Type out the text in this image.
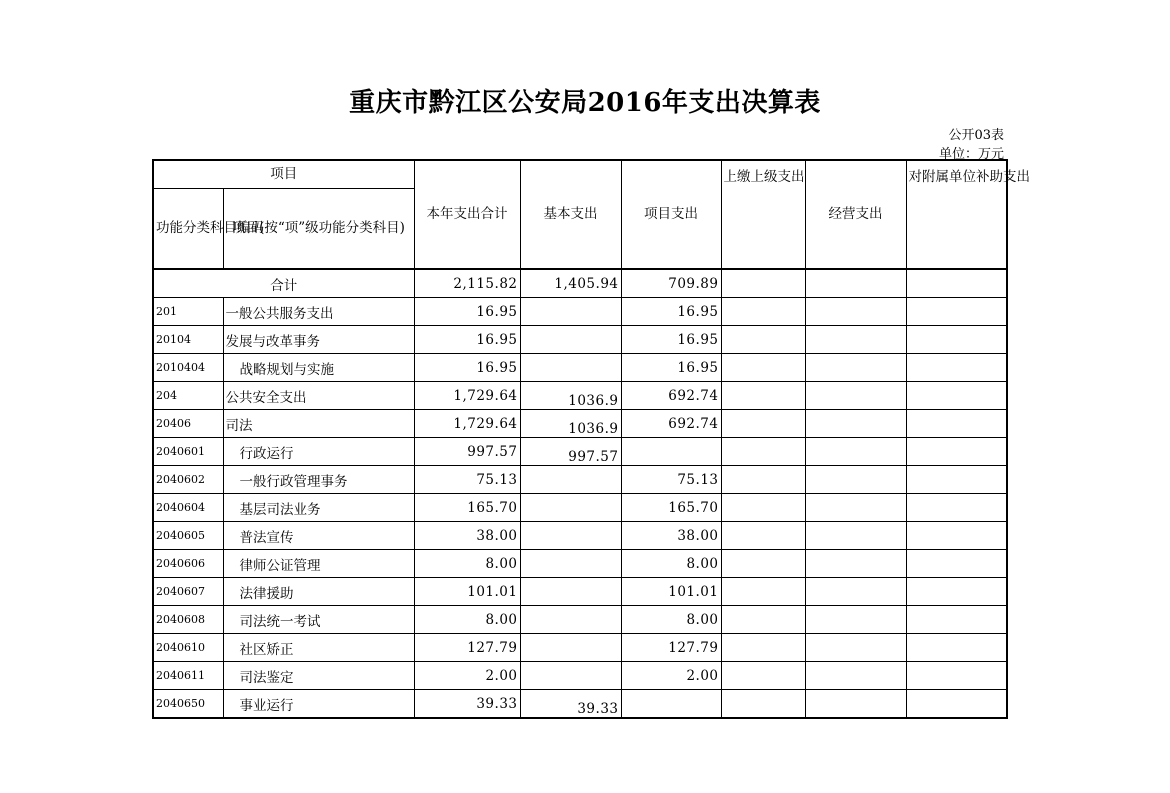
重庆市黔江区公安局2016年支出决算表
公开03表
单位：万元
项目		本年支出合计	基本支出	项目支出	上缴上级支出	经营支出	对附属单位补助支出
功能分类科目编码	项目(按“项”级功能分类科目)						
合计		2,115.82	1,405.94	709.89			
201	一般公共服务支出	16.95		16.95			
20104	发展与改革事务	16.95		16.95			
2010404	战略规划与实施	16.95		16.95			
204	公共安全支出	1,729.64	1036.9	692.74			
20406	司法	1,729.64	1036.9	692.74			
2040601	行政运行	997.57	997.57				
2040602	一般行政管理事务	75.13		75.13			
2040604	基层司法业务	165.70		165.70			
2040605	普法宣传	38.00		38.00			
2040606	律师公证管理	8.00		8.00			
2040607	法律援助	101.01		101.01			
2040608	司法统一考试	8.00		8.00			
2040610	社区矫正	127.79		127.79			
2040611	司法鉴定	2.00		2.00			
2040650	事业运行	39.33	39.33				
